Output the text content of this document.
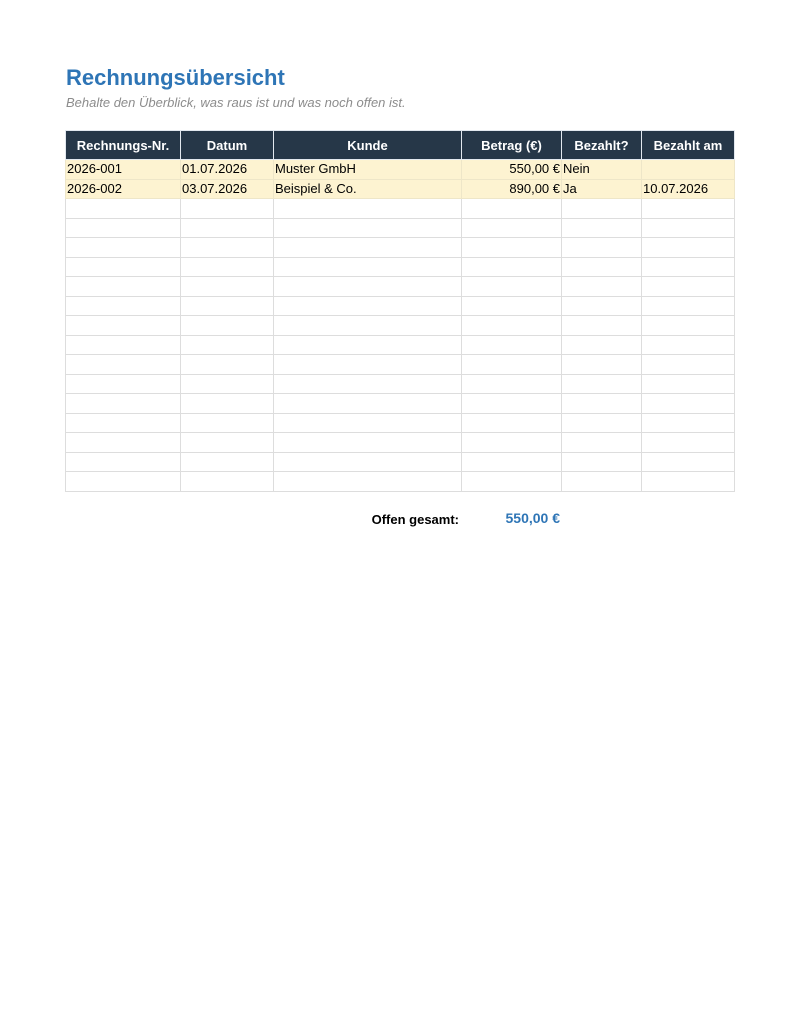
Rechnungsübersicht

Behalte den Überblick, was raus ist und was noch offen ist.

Rechnungs-Nr.	Datum	Kunde	Betrag (€)	Bezahlt?	Bezahlt am
2026-001	01.07.2026	Muster GmbH	550,00 €	Nein	
2026-002	03.07.2026	Beispiel & Co.	890,00 €	Ja	10.07.2026

Offen gesamt:	550,00 €
